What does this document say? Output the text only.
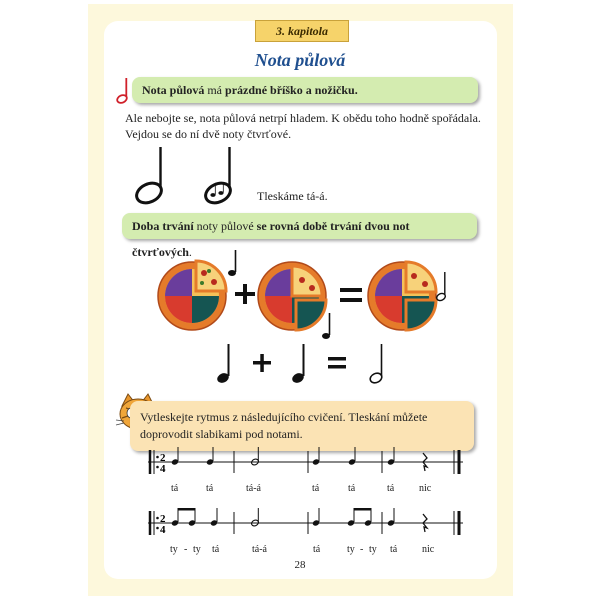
3. kapitola
Nota půlová
Nota půlová má prázdné bříško a nožičku.
Ale nebojte se, nota půlová netrpí hladem. K obědu toho hodně spořádala.
Vejdou se do ní dvě noty čtvrťové.
Tleskáme tá-á.
Doba trvání noty půlové se rovná době trvání dvou not čtvrťových.
Vytleskejte rytmus z následujícího cvičení. Tleskání můžete
doprovodit slabikami pod notami.
2
4
tá	tá	tá-á	tá	tá	tá nic
2
4
ty - ty tá	tá-á	tá	ty - ty tá nic
28
